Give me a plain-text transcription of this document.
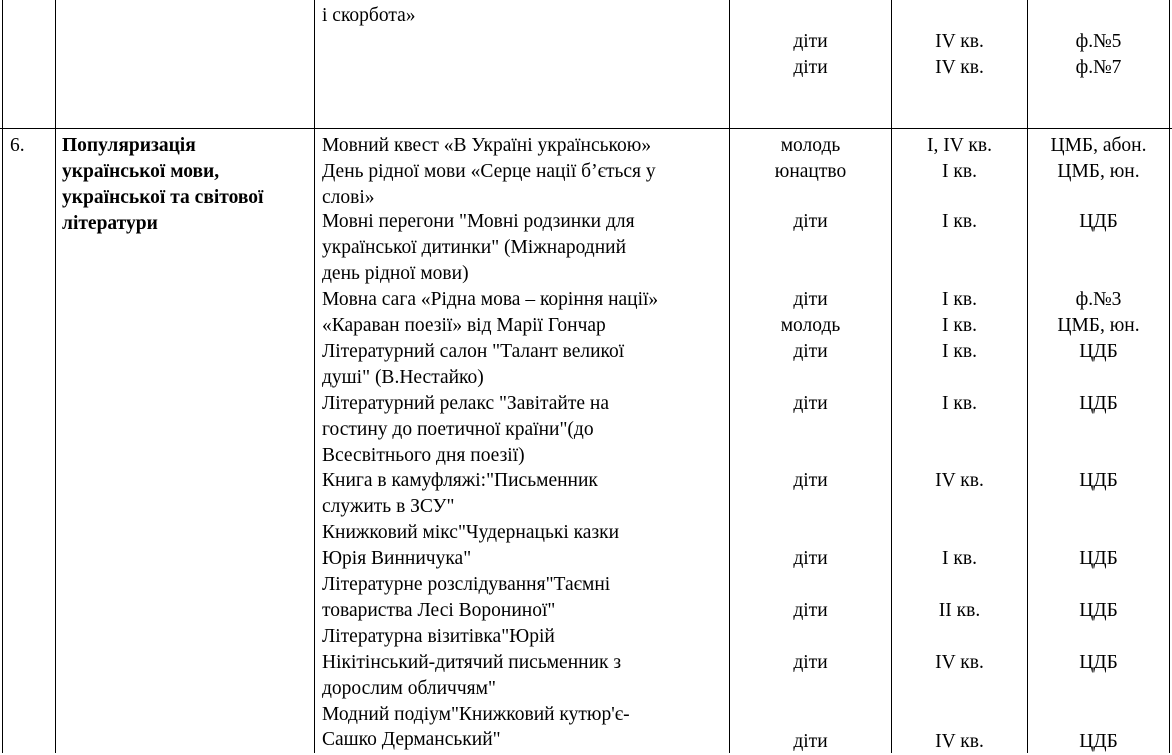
і скорбота»
діти
діти
IV кв.
IV кв.
ф.№5
ф.№7
6. Популяризація
української мови,
української та світової
літератури
Мовний квест «В Україні українською»
День рідної мови «Серце нації б’ється у
слові»
Мовні перегони "Мовні родзинки для
української дитинки" (Міжнародний
день рідної мови)
Мовна сага «Рідна мова – коріння нації»
«Караван поезії» від Марії Гончар
Літературний салон "Талант великої
душі" (В.Нестайко)
Літературний релакс "Завітайте на
гостину до поетичної країни"(до
Всесвітнього дня поезії)
Книга в камуфляжі:"Письменник
служить в ЗСУ"
Книжковий мікс"Чудернацькі казки
Юрія Винничука"
Літературне розслідування"Таємні
товариства Лесі Ворониної"
Літературна візитівка"Юрій
Нікітінський-дитячий письменник з
дорослим обличчям"
Модний подіум"Книжковий кутюр'є-
Сашко Дерманський"
молодь
юнацтво
діти
діти
молодь
діти
діти
діти
діти
діти
діти
діти
I, IV кв.
I кв.
I кв.
I кв.
I кв.
I кв.
I кв.
IV кв.
I кв.
II кв.
IV кв.
IV кв.
ЦМБ, абон.
ЦМБ, юн.
ЦДБ
ф.№3
ЦМБ, юн.
ЦДБ
ЦДБ
ЦДБ
ЦДБ
ЦДБ
ЦДБ
ЦДБ
